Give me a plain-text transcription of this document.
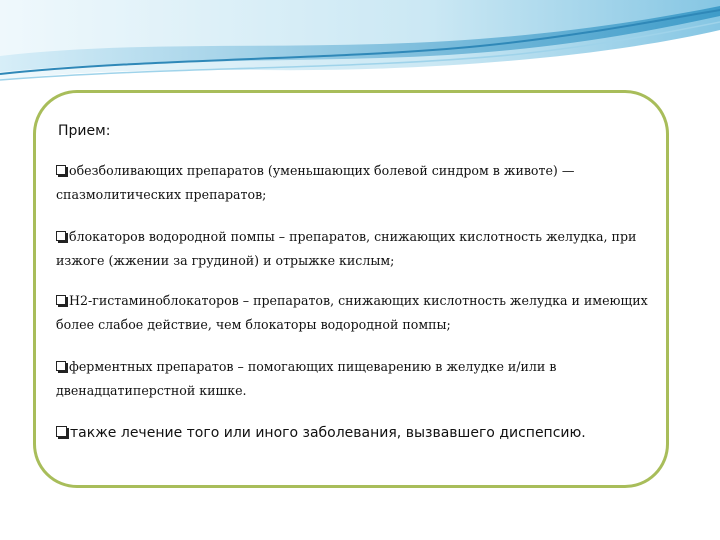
Прием:
обезболивающих препаратов (уменьшающих болевой синдром в животе) — спазмолитических препаратов;
блокаторов водородной помпы – препаратов, снижающих кислотность желудка, при изжоге (жжении за грудиной) и отрыжке кислым;
Н2-гистаминоблокаторов – препаратов, снижающих кислотность желудка и имеющих более слабое действие, чем блокаторы водородной помпы;
ферментных препаратов – помогающих пищеварению в желудке и/или в двенадцатиперстной кишке.
также лечение того или иного заболевания, вызвавшего диспепсию.
